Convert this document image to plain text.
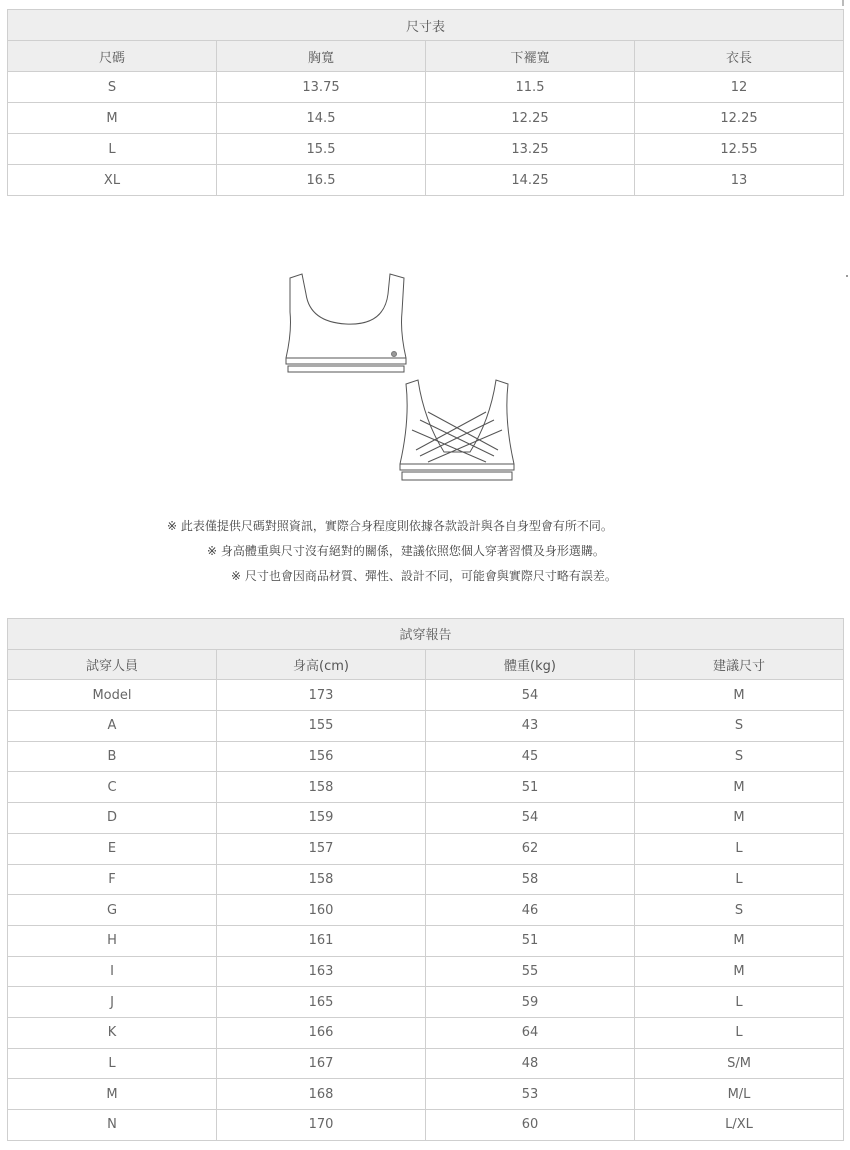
尺寸表			
尺碼	胸寬	下襬寬	衣長
S	13.75	11.5	12
M	14.5	12.25	12.25
L	15.5	13.25	12.55
XL	16.5	14.25	13
※ 此表僅提供尺碼對照資訊，實際合身程度則依據各款設計與各自身型會有所不同。
※ 身高體重與尺寸沒有絕對的關係，建議依照您個人穿著習慣及身形選購。
※ 尺寸也會因商品材質、彈性、設計不同，可能會與實際尺寸略有誤差。
試穿報告			
試穿人員	身高(cm)	體重(kg)	建議尺寸
Model	173	54	M
A	155	43	S
B	156	45	S
C	158	51	M
D	159	54	M
E	157	62	L
F	158	58	L
G	160	46	S
H	161	51	M
I	163	55	M
J	165	59	L
K	166	64	L
L	167	48	S/M
M	168	53	M/L
N	170	60	L/XL
